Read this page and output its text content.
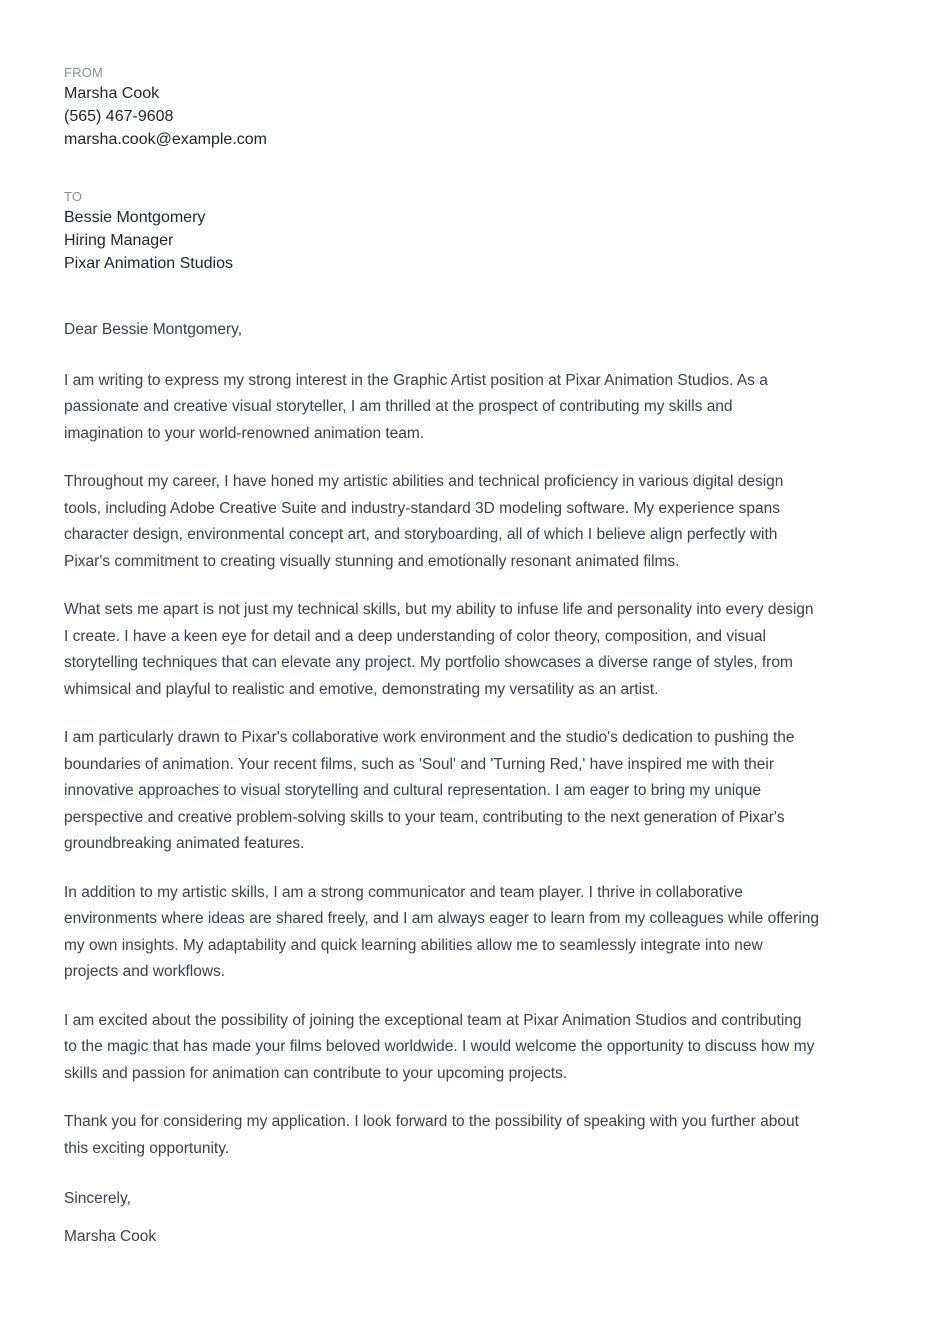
FROM
Marsha Cook
(565) 467-9608
marsha.cook@example.com
TO
Bessie Montgomery
Hiring Manager
Pixar Animation Studios
Dear Bessie Montgomery,
I am writing to express my strong interest in the Graphic Artist position at Pixar Animation Studios. As a
passionate and creative visual storyteller, I am thrilled at the prospect of contributing my skills and
imagination to your world-renowned animation team.
Throughout my career, I have honed my artistic abilities and technical proficiency in various digital design
tools, including Adobe Creative Suite and industry-standard 3D modeling software. My experience spans
character design, environmental concept art, and storyboarding, all of which I believe align perfectly with
Pixar's commitment to creating visually stunning and emotionally resonant animated films.
What sets me apart is not just my technical skills, but my ability to infuse life and personality into every design
I create. I have a keen eye for detail and a deep understanding of color theory, composition, and visual
storytelling techniques that can elevate any project. My portfolio showcases a diverse range of styles, from
whimsical and playful to realistic and emotive, demonstrating my versatility as an artist.
I am particularly drawn to Pixar's collaborative work environment and the studio's dedication to pushing the
boundaries of animation. Your recent films, such as 'Soul' and 'Turning Red,' have inspired me with their
innovative approaches to visual storytelling and cultural representation. I am eager to bring my unique
perspective and creative problem-solving skills to your team, contributing to the next generation of Pixar's
groundbreaking animated features.
In addition to my artistic skills, I am a strong communicator and team player. I thrive in collaborative
environments where ideas are shared freely, and I am always eager to learn from my colleagues while offering
my own insights. My adaptability and quick learning abilities allow me to seamlessly integrate into new
projects and workflows.
I am excited about the possibility of joining the exceptional team at Pixar Animation Studios and contributing
to the magic that has made your films beloved worldwide. I would welcome the opportunity to discuss how my
skills and passion for animation can contribute to your upcoming projects.
Thank you for considering my application. I look forward to the possibility of speaking with you further about
this exciting opportunity.
Sincerely,
Marsha Cook
